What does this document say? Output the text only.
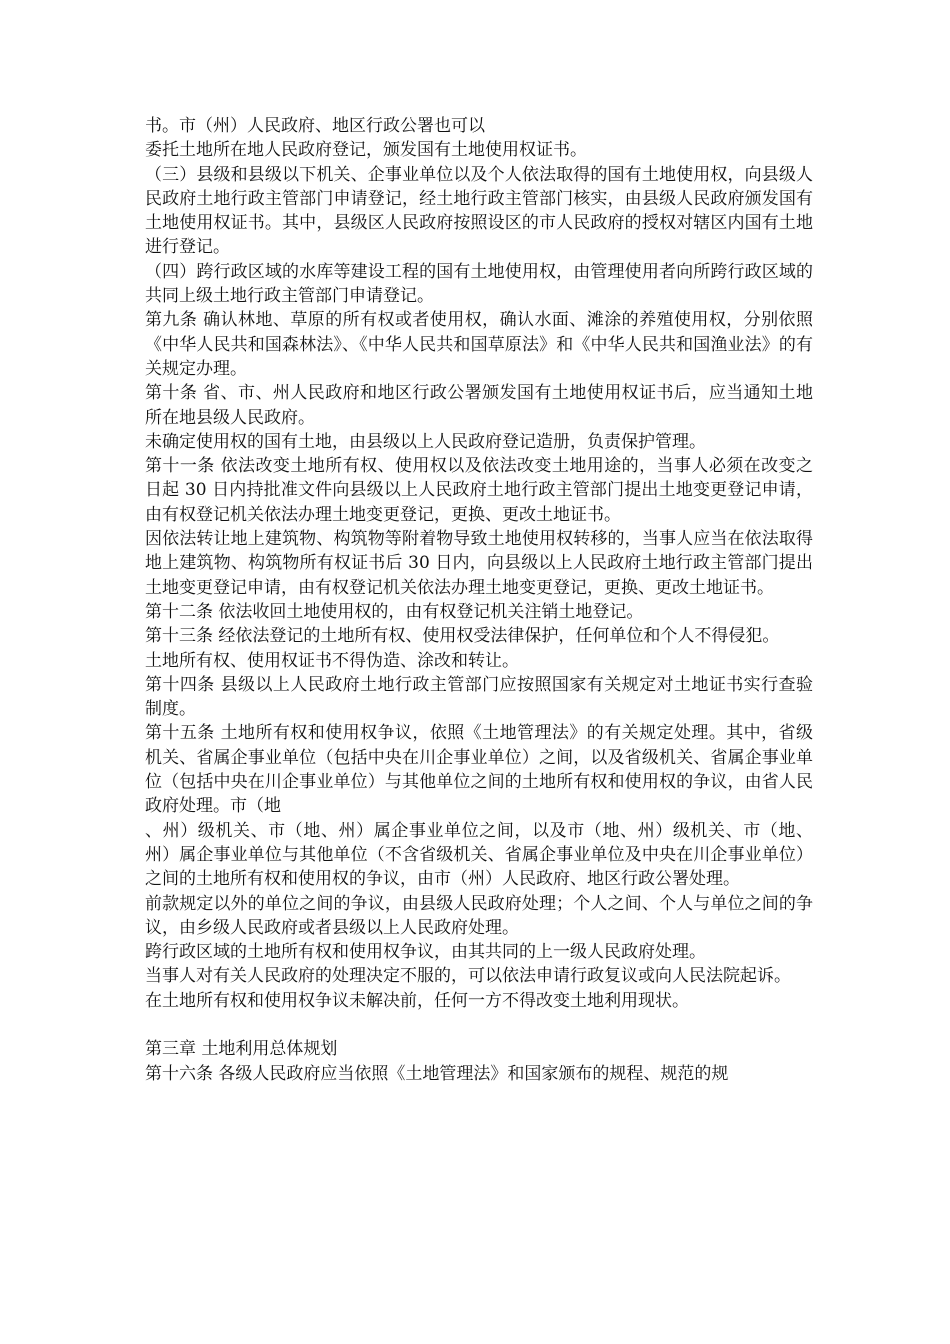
书。市（州）人民政府、地区行政公署也可以

委托土地所在地人民政府登记，颁发国有土地使用权证书。

（三）县级和县级以下机关、企事业单位以及个人依法取得的国有土地使用权，向县级人民政府土地行政主管部门申请登记，经土地行政主管部门核实，由县级人民政府颁发国有土地使用权证书。其中，县级区人民政府按照设区的市人民政府的授权对辖区内国有土地进行登记。

（四）跨行政区域的水库等建设工程的国有土地使用权，由管理使用者向所跨行政区域的共同上级土地行政主管部门申请登记。

第九条 确认林地、草原的所有权或者使用权，确认水面、滩涂的养殖使用权，分别依照《中华人民共和国森林法》、《中华人民共和国草原法》和《中华人民共和国渔业法》的有关规定办理。

第十条 省、市、州人民政府和地区行政公署颁发国有土地使用权证书后，应当通知土地所在地县级人民政府。

未确定使用权的国有土地，由县级以上人民政府登记造册，负责保护管理。

第十一条 依法改变土地所有权、使用权以及依法改变土地用途的，当事人必须在改变之日起 30 日内持批准文件向县级以上人民政府土地行政主管部门提出土地变更登记申请，由有权登记机关依法办理土地变更登记，更换、更改土地证书。

因依法转让地上建筑物、构筑物等附着物导致土地使用权转移的，当事人应当在依法取得地上建筑物、构筑物所有权证书后 30 日内，向县级以上人民政府土地行政主管部门提出土地变更登记申请，由有权登记机关依法办理土地变更登记，更换、更改土地证书。

第十二条 依法收回土地使用权的，由有权登记机关注销土地登记。

第十三条 经依法登记的土地所有权、使用权受法律保护，任何单位和个人不得侵犯。

土地所有权、使用权证书不得伪造、涂改和转让。

第十四条 县级以上人民政府土地行政主管部门应按照国家有关规定对土地证书实行查验制度。

第十五条 土地所有权和使用权争议，依照《土地管理法》的有关规定处理。其中，省级机关、省属企事业单位（包括中央在川企事业单位）之间，以及省级机关、省属企事业单位（包括中央在川企事业单位）与其他单位之间的土地所有权和使用权的争议，由省人民政府处理。市（地

、州）级机关、市（地、州）属企事业单位之间，以及市（地、州）级机关、市（地、州）属企事业单位与其他单位（不含省级机关、省属企事业单位及中央在川企事业单位）之间的土地所有权和使用权的争议，由市（州）人民政府、地区行政公署处理。

前款规定以外的单位之间的争议，由县级人民政府处理；个人之间、个人与单位之间的争议，由乡级人民政府或者县级以上人民政府处理。

跨行政区域的土地所有权和使用权争议，由其共同的上一级人民政府处理。

当事人对有关人民政府的处理决定不服的，可以依法申请行政复议或向人民法院起诉。

在土地所有权和使用权争议未解决前，任何一方不得改变土地利用现状。

第三章 土地利用总体规划

第十六条 各级人民政府应当依照《土地管理法》和国家颁布的规程、规范的规
